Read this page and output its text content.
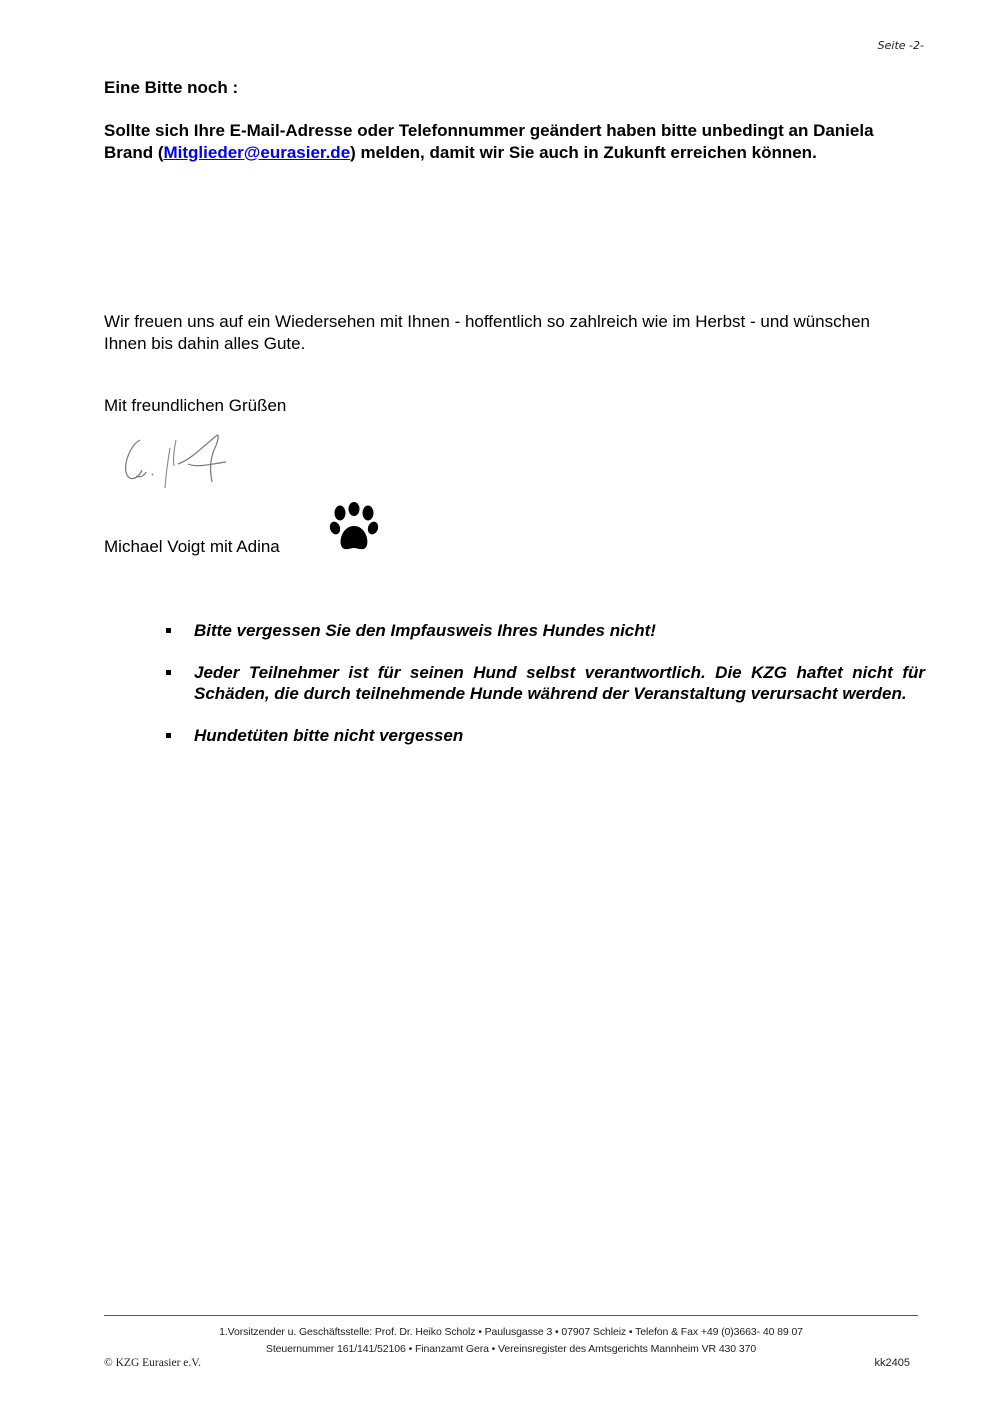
Seite -2-
Eine Bitte noch :

Sollte sich Ihre E-Mail-Adresse oder Telefonnummer geändert haben bitte unbedingt an Daniela Brand (Mitglieder@eurasier.de) melden, damit wir Sie auch in Zukunft erreichen können.

Wir freuen uns auf ein Wiedersehen mit Ihnen - hoffentlich so zahlreich wie im Herbst - und wünschen Ihnen bis dahin alles Gute.

Mit freundlichen Grüßen

Michael Voigt mit Adina

Bitte vergessen Sie den Impfausweis Ihres Hundes nicht!
Jeder Teilnehmer ist für seinen Hund selbst verantwortlich. Die KZG haftet nicht für Schäden, die durch teilnehmende Hunde während der Veranstaltung verursacht werden.
Hundetüten bitte nicht vergessen
1.Vorsitzender u. Geschäftsstelle: Prof. Dr. Heiko Scholz • Paulusgasse 3 • 07907 Schleiz • Telefon & Fax +49 (0)3663- 40 89 07
Steuernummer 161/141/52106 • Finanzamt Gera • Vereinsregister des Amtsgerichts Mannheim VR 430 370
© KZG Eurasier e.V.	kk2405
